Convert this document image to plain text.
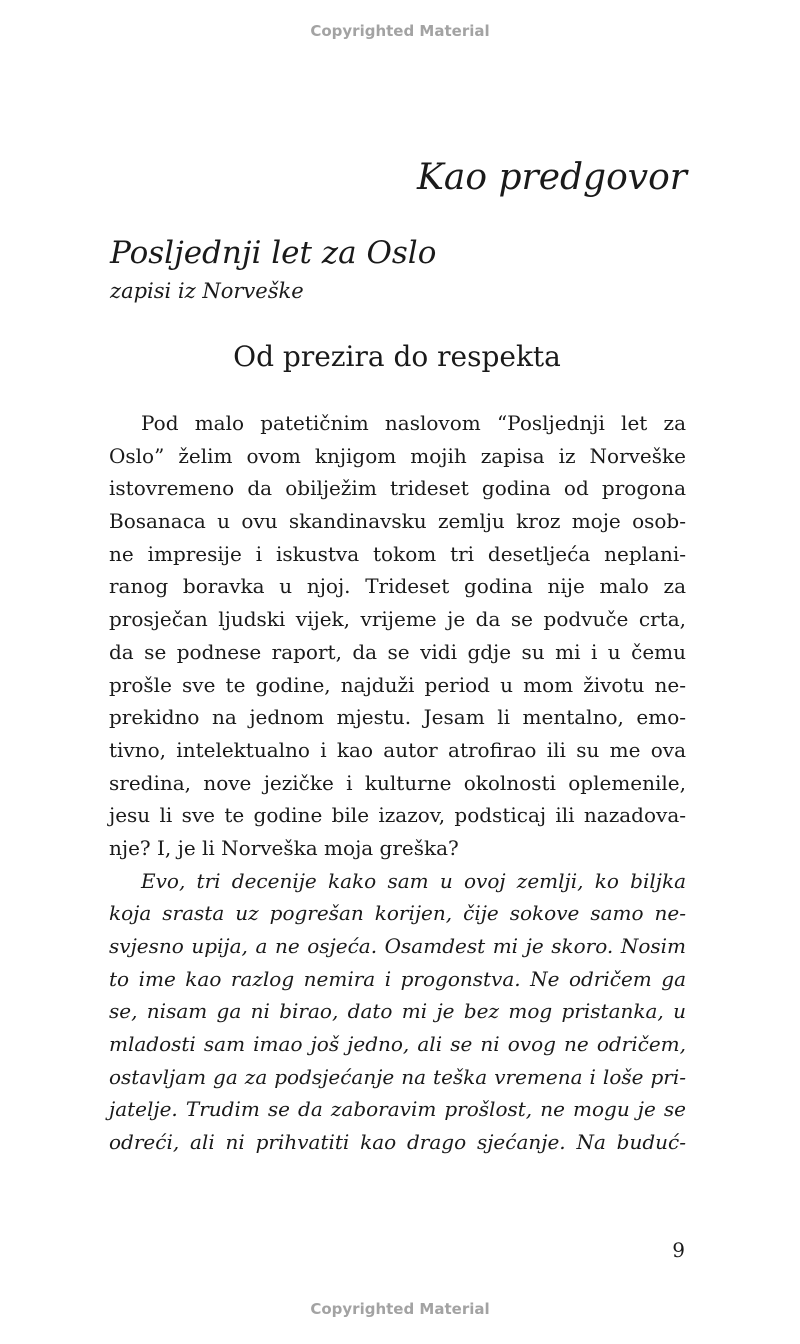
Copyrighted Material
Kao predgovor
Posljednji let za Oslo
zapisi iz Norveške
Od prezira do respekta
Pod malo patetičnim naslovom “Posljednji let za
Oslo” želim ovom knjigom mojih zapisa iz Norveške
istovremeno da obilježim trideset godina od progona
Bosanaca u ovu skandinavsku zemlju kroz moje osob-
ne impresije i iskustva tokom tri desetljeća neplani-
ranog boravka u njoj. Trideset godina nije malo za
prosječan ljudski vijek, vrijeme je da se podvuče crta,
da se podnese raport, da se vidi gdje su mi i u čemu
prošle sve te godine, najduži period u mom životu ne-
prekidno na jednom mjestu. Jesam li mentalno, emo-
tivno, intelektualno i kao autor atrofirao ili su me ova
sredina, nove jezičke i kulturne okolnosti oplemenile,
jesu li sve te godine bile izazov, podsticaj ili nazadova-
nje? I, je li Norveška moja greška?
Evo, tri decenije kako sam u ovoj zemlji, ko biljka
koja srasta uz pogrešan korijen, čije sokove samo ne-
svjesno upija, a ne osjeća. Osamdest mi je skoro. Nosim
to ime kao razlog nemira i progonstva. Ne odričem ga
se, nisam ga ni birao, dato mi je bez mog pristanka, u
mladosti sam imao još jedno, ali se ni ovog ne odričem,
ostavljam ga za podsjećanje na teška vremena i loše pri-
jatelje. Trudim se da zaboravim prošlost, ne mogu je se
odreći, ali ni prihvatiti kao drago sjećanje. Na buduć-
9
Copyrighted Material
